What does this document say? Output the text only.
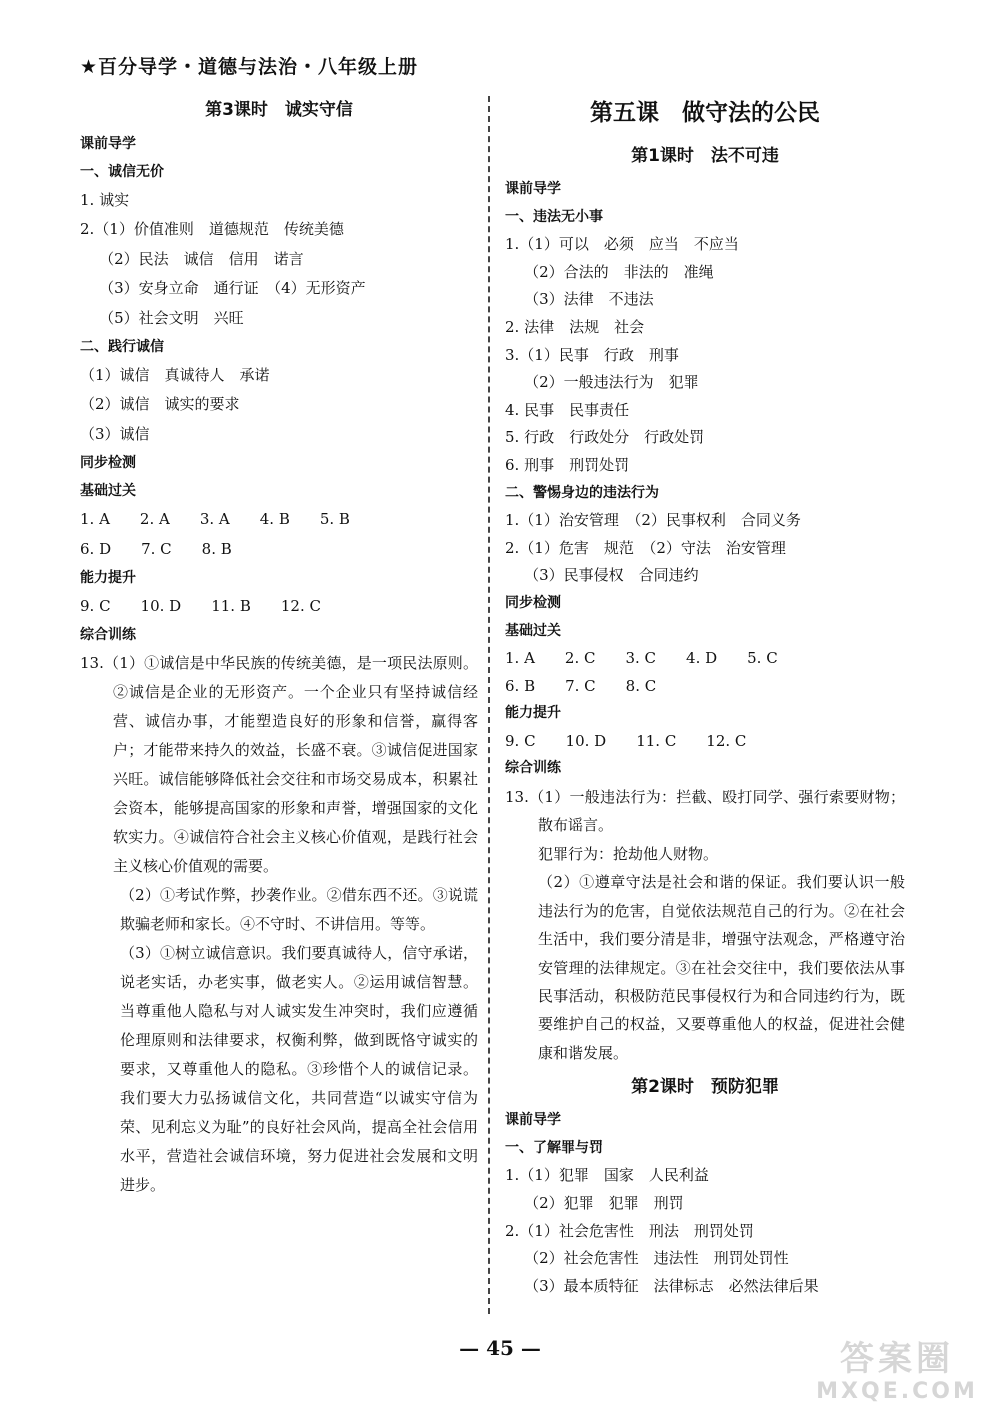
★百分导学・道德与法治・八年级上册
第3课时　诚实守信
课前导学
一、诚信无价
1. 诚实
2.（1）价值准则　道德规范　传统美德
（2）民法　诚信　信用　诺言
（3）安身立命　通行证　（4）无形资产
（5）社会文明　兴旺
二、践行诚信
（1）诚信　真诚待人　承诺
（2）诚信　诚实的要求
（3）诚信
同步检测
基础过关
1. A　　2. A　　3. A　　4. B　　5. B
6. D　　7. C　　8. B
能力提升
9. C　　10. D　　11. B　　12. C
综合训练

13.（1）①诚信是中华民族的传统美德，是一项民法原则。②诚信是企业的无形资产。一个企业只有坚持诚信经营、诚信办事，才能塑造良好的形象和信誉，赢得客户；才能带来持久的效益，长盛不衰。③诚信促进国家兴旺。诚信能够降低社会交往和市场交易成本，积累社会资本，能够提高国家的形象和声誉，增强国家的文化软实力。④诚信符合社会主义核心价值观，是践行社会主义核心价值观的需要。

（2）①考试作弊，抄袭作业。②借东西不还。③说谎欺骗老师和家长。④不守时、不讲信用。等等。

（3）①树立诚信意识。我们要真诚待人，信守承诺，说老实话，办老实事，做老实人。②运用诚信智慧。当尊重他人隐私与对人诚实发生冲突时，我们应遵循伦理原则和法律要求，权衡利弊，做到既恪守诚实的要求，又尊重他人的隐私。③珍惜个人的诚信记录。我们要大力弘扬诚信文化，共同营造“以诚实守信为荣、见利忘义为耻”的良好社会风尚，提高全社会信用水平，营造社会诚信环境，努力促进社会发展和文明进步。

第五课　做守法的公民
第1课时　法不可违
课前导学
一、违法无小事
1.（1）可以　必须　应当　不应当
（2）合法的　非法的　准绳
（3）法律　不违法
2. 法律　法规　社会
3.（1）民事　行政　刑事
（2）一般违法行为　犯罪
4. 民事　民事责任
5. 行政　行政处分　行政处罚
6. 刑事　刑罚处罚
二、警惕身边的违法行为
1.（1）治安管理　（2）民事权利　合同义务
2.（1）危害　规范　（2）守法　治安管理
（3）民事侵权　合同违约
同步检测
基础过关
1. A　　2. C　　3. C　　4. D　　5. C
6. B　　7. C　　8. C
能力提升
9. C　　10. D　　11. C　　12. C
综合训练

13.（1）一般违法行为：拦截、殴打同学、强行索要财物；散布谣言。

犯罪行为：抢劫他人财物。

（2）①遵章守法是社会和谐的保证。我们要认识一般违法行为的危害，自觉依法规范自己的行为。②在社会生活中，我们要分清是非，增强守法观念，严格遵守治安管理的法律规定。③在社会交往中，我们要依法从事民事活动，积极防范民事侵权行为和合同违约行为，既要维护自己的权益，又要尊重他人的权益，促进社会健康和谐发展。

第2课时　预防犯罪
课前导学
一、了解罪与罚
1.（1）犯罪　国家　人民利益
（2）犯罪　犯罪　刑罚
2.（1）社会危害性　刑法　刑罚处罚
（2）社会危害性　违法性　刑罚处罚性
（3）最本质特征　法律标志　必然法律后果
— 45 —	答案圈
MXQE.COM
